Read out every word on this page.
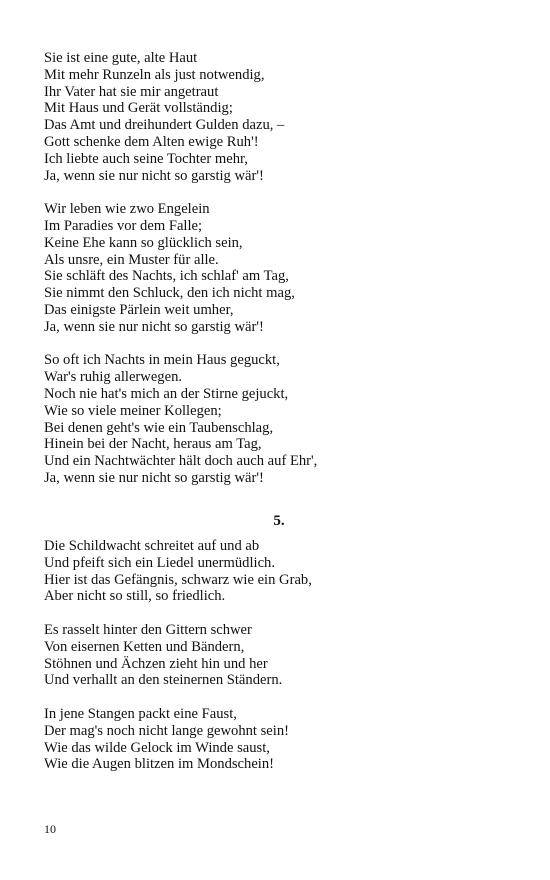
Sie ist eine gute, alte Haut
Mit mehr Runzeln als just notwendig,
Ihr Vater hat sie mir angetraut
Mit Haus und Gerät vollständig;
Das Amt und dreihundert Gulden dazu, –
Gott schenke dem Alten ewige Ruh'!
Ich liebte auch seine Tochter mehr,
Ja, wenn sie nur nicht so garstig wär'!
Wir leben wie zwo Engelein
Im Paradies vor dem Falle;
Keine Ehe kann so glücklich sein,
Als unsre, ein Muster für alle.
Sie schläft des Nachts, ich schlaf' am Tag,
Sie nimmt den Schluck, den ich nicht mag,
Das einigste Pärlein weit umher,
Ja, wenn sie nur nicht so garstig wär'!
So oft ich Nachts in mein Haus geguckt,
War's ruhig allerwegen.
Noch nie hat's mich an der Stirne gejuckt,
Wie so viele meiner Kollegen;
Bei denen geht's wie ein Taubenschlag,
Hinein bei der Nacht, heraus am Tag,
Und ein Nachtwächter hält doch auch auf Ehr',
Ja, wenn sie nur nicht so garstig wär'!
5.
Die Schildwacht schreitet auf und ab
Und pfeift sich ein Liedel unermüdlich.
Hier ist das Gefängnis, schwarz wie ein Grab,
Aber nicht so still, so friedlich.
Es rasselt hinter den Gittern schwer
Von eisernen Ketten und Bändern,
Stöhnen und Ächzen zieht hin und her
Und verhallt an den steinernen Ständern.
In jene Stangen packt eine Faust,
Der mag's noch nicht lange gewohnt sein!
Wie das wilde Gelock im Winde saust,
Wie die Augen blitzen im Mondschein!
10
